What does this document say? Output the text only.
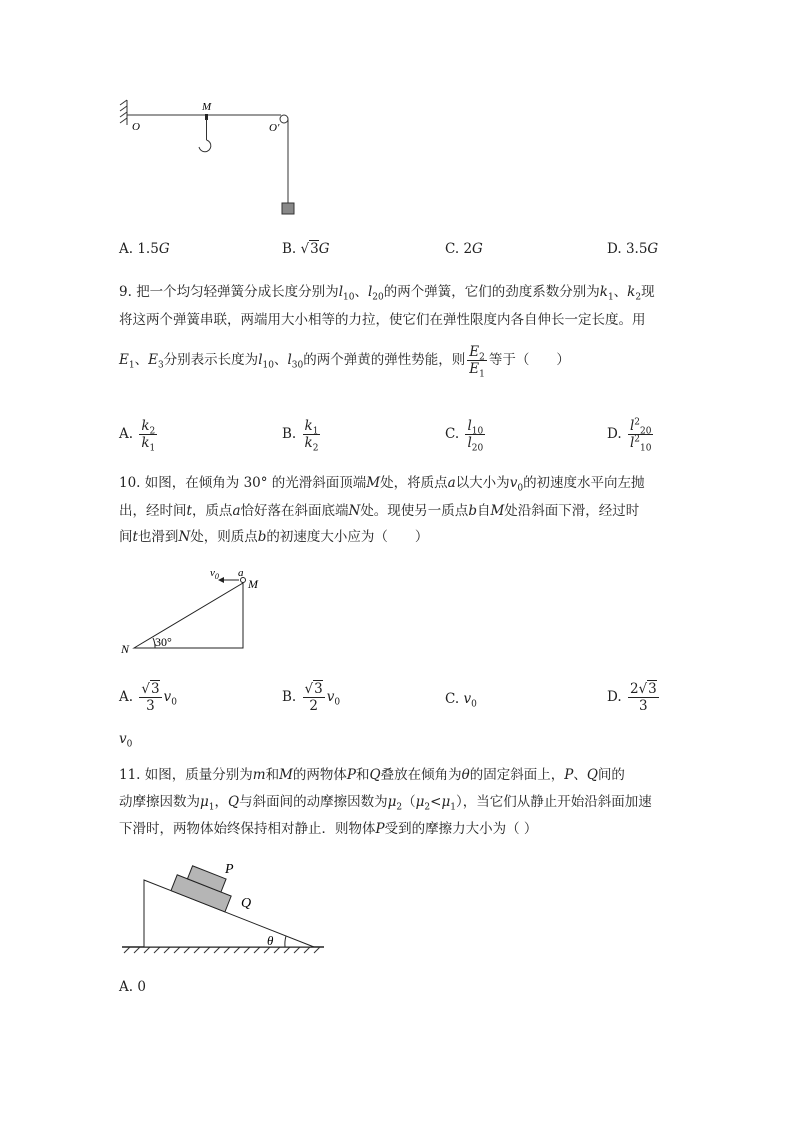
M
O	O′
A. 1.5G	B. √3G	C. 2G	D. 3.5G
9. 把一个均匀轻弹簧分成长度分别为$l_{10}$、$l_{20}$的两个弹簧，它们的劲度系数分别为$k_1$、$k_2$现
将这两个弹簧串联，两端用大小相等的力拉，使它们在弹性限度内各自伸长一定长度。用
$E_1$、$E_3$分别表示长度为$l_{10}$、$l_{30}$的两个弹黄的弹性势能，则 $\frac{E_2}{E_1}$ 等于（　　）
A. $\frac{k_2}{k_1}$	B. $\frac{k_1}{k_2}$	C. $\frac{l_{10}}{l_{20}}$	D. $\frac{l^2_{20}}{l^2_{10}}$
10. 如图，在倾角为 30° 的光滑斜面顶端M处，将质点a以大小为$v_0$的初速度水平向左抛
出，经时间t，质点a恰好落在斜面底端N处。现使另一质点b自M处沿斜面下滑，经过时
间t也滑到N处，则质点b的初速度大小应为（　　）
$v_0$ a
M
N 30°
A. $\frac{√3}{3} v_0$	B. $\frac{√3}{2} v_0$	C. $v_0$	D. $\frac{2√3}{3}$
$v_0$
11. 如图，质量分别为m和M的两物体P和Q叠放在倾角为θ的固定斜面上，P、Q间的
动摩擦因数为$\mu_1$，Q与斜面间的动摩擦因数为$\mu_2(\mu_2<\mu_1)$，当它们从静止开始沿斜面加速
下滑时，两物体始终保持相对静止．则物体P受到的摩擦力大小为（ ）
P
Q
θ
A. 0
